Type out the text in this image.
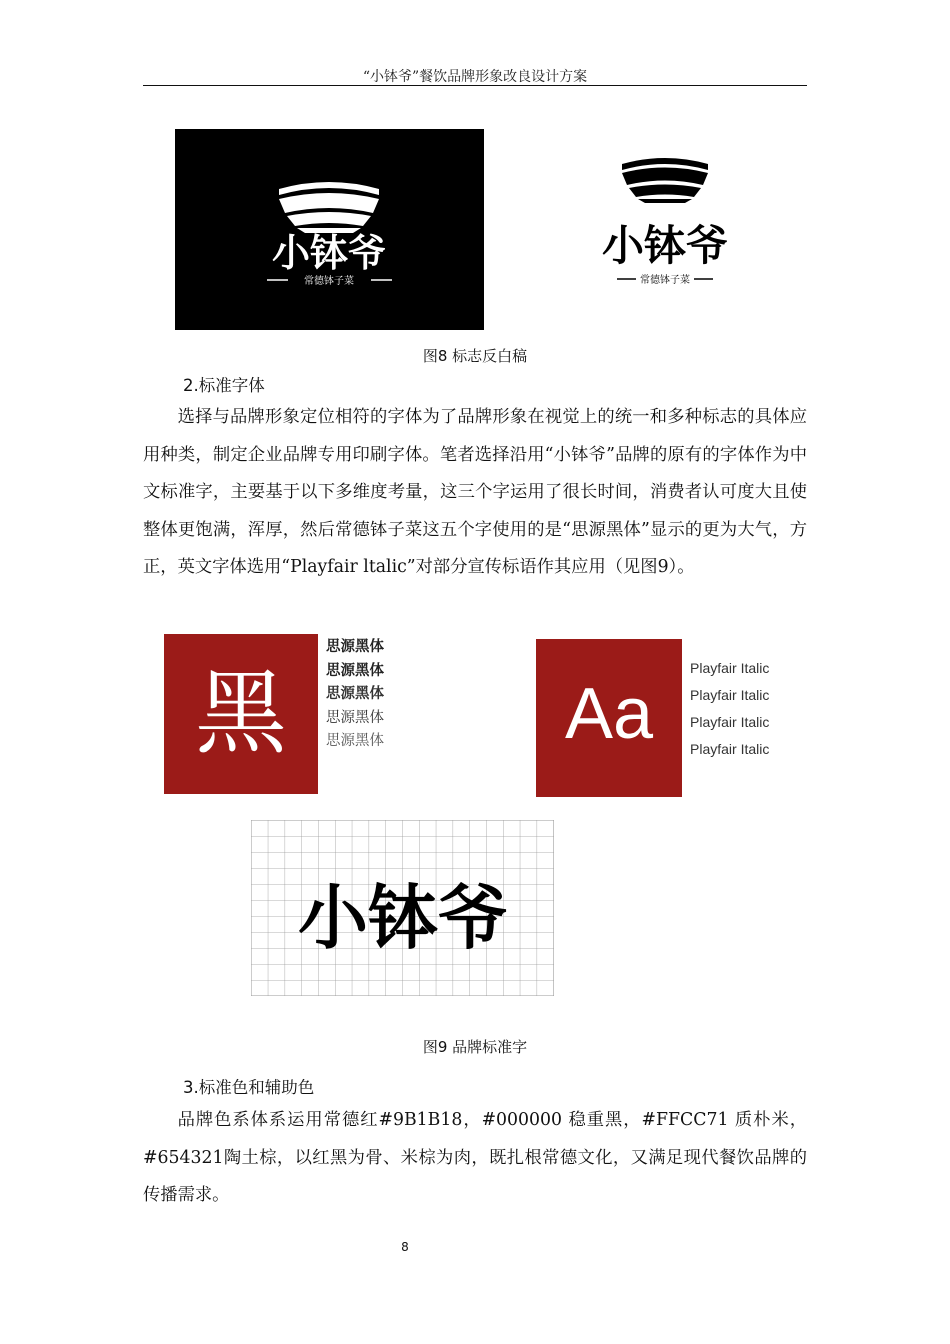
“小钵爷”餐饮品牌形象改良设计方案
小钵爷
常德钵子菜
小钵爷
常德钵子菜
图8 标志反白稿
2.标准字体

选择与品牌形象定位相符的字体为了品牌形象在视觉上的统一和多种标志的具体应用种类，制定企业品牌专用印刷字体。笔者选择沿用“小钵爷”品牌的原有的字体作为中文标准字，主要基于以下多维度考量，这三个字运用了很长时间，消费者认可度大且使整体更饱满，浑厚，然后常德钵子菜这五个字使用的是“思源黑体”显示的更为大气，方正，英文字体选用“Playfair ltalic”对部分宣传标语作其应用（见图9）。

黑
思源黑体
思源黑体
思源黑体
思源黑体
思源黑体	Aa
Playfair Italic
Playfair Italic
Playfair Italic
Playfair Italic
小钵爷
图9 品牌标准字
3.标准色和辅助色

品牌色系体系运用常德红#9B1B18，#000000 稳重黑，#FFCC71 质朴米，#654321陶土棕，以红黑为骨、米棕为肉，既扎根常德文化，又满足现代餐饮品牌的传播需求。

8
